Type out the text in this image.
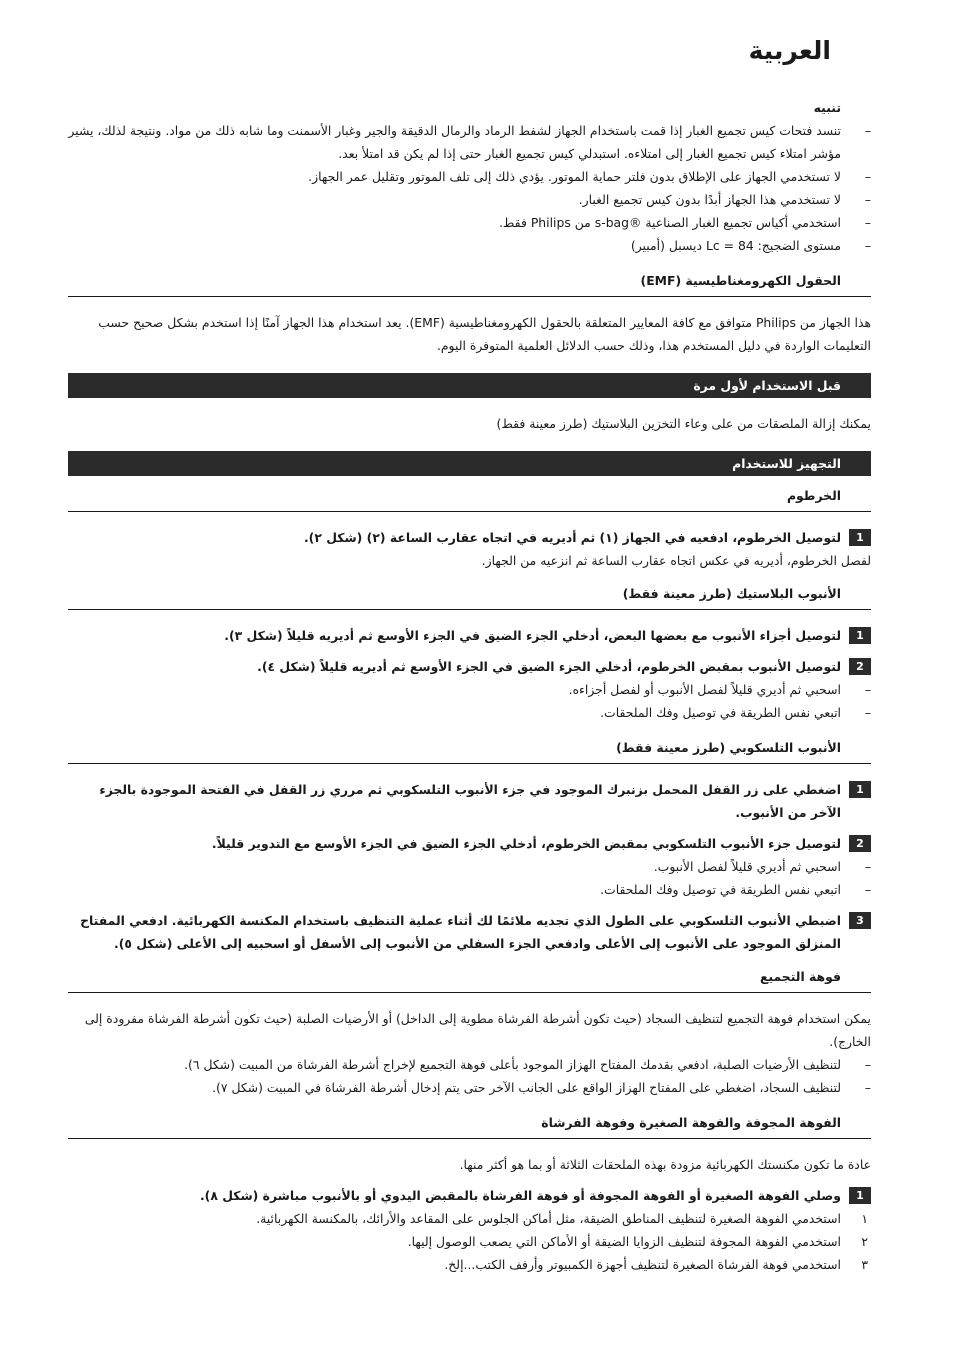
العربية
تنبيه
– تنسد فتحات كيس تجميع الغبار إذا قمت باستخدام الجهاز لشفط الرماد والرمال الدقيقة والجير وغبار الأسمنت وما شابه ذلك من مواد. ونتيجة لذلك، يشير مؤشر امتلاء كيس تجميع الغبار إلى امتلاءه. استبدلي كيس تجميع الغبار حتى إذا لم يكن قد امتلأ بعد.
– لا تستخدمي الجهاز على الإطلاق بدون فلتر حماية الموتور. يؤدي ذلك إلى تلف الموتور وتقليل عمر الجهاز.
– لا تستخدمي هذا الجهاز أبدًا بدون كيس تجميع الغبار.
– استخدمي أكياس تجميع الغبار الصناعية ®s-bag من Philips فقط.
– مستوى الضجيج: Lc = 84 ديسبل (أمبير)
الحقول الكهرومغناطيسية (EMF)

هذا الجهاز من Philips متوافق مع كافة المعايير المتعلقة بالحقول الكهرومغناطيسية (EMF). يعد استخدام هذا الجهاز آمنًا إذا استخدم بشكل صحيح حسب التعليمات الواردة في دليل المستخدم هذا، وذلك حسب الدلائل العلمية المتوفرة اليوم.

قبل الاستخدام لأول مرة

يمكنك إزالة الملصقات من على وعاء التخزين البلاستيك (طرز معينة فقط)

التجهيز للاستخدام
الخرطوم
1
لتوصيل الخرطوم، ادفعيه في الجهاز (١) ثم أديريه في اتجاه عقارب الساعة (٢) (شكل ٢).

لفصل الخرطوم، أديريه في عكس اتجاه عقارب الساعة ثم انزعيه من الجهاز.

الأنبوب البلاستيك (طرز معينة فقط)
1
لتوصيل أجزاء الأنبوب مع بعضها البعض، أدخلي الجزء الضيق في الجزء الأوسع ثم أديريه قليلاً (شكل ٣).
2
لتوصيل الأنبوب بمقبض الخرطوم، أدخلي الجزء الضيق في الجزء الأوسع ثم أديريه قليلاً (شكل ٤).
– اسحبي ثم أديري قليلاً لفصل الأنبوب أو لفصل أجزاءه.
– اتبعي نفس الطريقة في توصيل وفك الملحقات.
الأنبوب التلسكوبي (طرز معينة فقط)
1
اضغطي على زر القفل المحمل بزنبرك الموجود في جزء الأنبوب التلسكوبي ثم مرري زر القفل في الفتحة الموجودة بالجزء الآخر من الأنبوب.
2
لتوصيل جزء الأنبوب التلسكوبي بمقبض الخرطوم، أدخلي الجزء الضيق في الجزء الأوسع مع التدوير قليلاً.
– اسحبي ثم أديري قليلاً لفصل الأنبوب.
– اتبعي نفس الطريقة في توصيل وفك الملحقات.
3
اضبطي الأنبوب التلسكوبي على الطول الذي تجديه ملائمًا لك أثناء عملية التنظيف باستخدام المكنسة الكهربائية. ادفعي المفتاح المنزلق الموجود على الأنبوب إلى الأعلى وادفعي الجزء السفلي من الأنبوب إلى الأسفل أو اسحبيه إلى الأعلى (شكل ٥).
فوهة التجميع

يمكن استخدام فوهة التجميع لتنظيف السجاد (حيث تكون أشرطة الفرشاة مطوية إلى الداخل) أو الأرضيات الصلبة (حيث تكون أشرطة الفرشاة مفرودة إلى الخارج).

– لتنظيف الأرضيات الصلبة، ادفعي بقدمك المفتاح الهزاز الموجود بأعلى فوهة التجميع لإخراج أشرطة الفرشاة من المبيت (شكل ٦).
– لتنظيف السجاد، اضغطي على المفتاح الهزاز الواقع على الجانب الآخر حتى يتم إدخال أشرطة الفرشاة في المبيت (شكل ٧).
الفوهة المجوفة والفوهة الصغيرة وفوهة الفرشاة

عادة ما تكون مكنستك الكهربائية مزودة بهذه الملحقات الثلاثة أو بما هو أكثر منها.

1
وصلي الفوهة الصغيرة أو الفوهة المجوفة أو فوهة الفرشاة بالمقبض اليدوي أو بالأنبوب مباشرة (شكل ٨).
١
استخدمي الفوهة الصغيرة لتنظيف المناطق الضيقة، مثل أماكن الجلوس على المقاعد والأرائك، بالمكنسة الكهربائية.
٢
استخدمي الفوهة المجوفة لتنظيف الزوايا الضيقة أو الأماكن التي يصعب الوصول إليها.
٣
استخدمي فوهة الفرشاة الصغيرة لتنظيف أجهزة الكمبيوتر وأرفف الكتب...إلخ.
